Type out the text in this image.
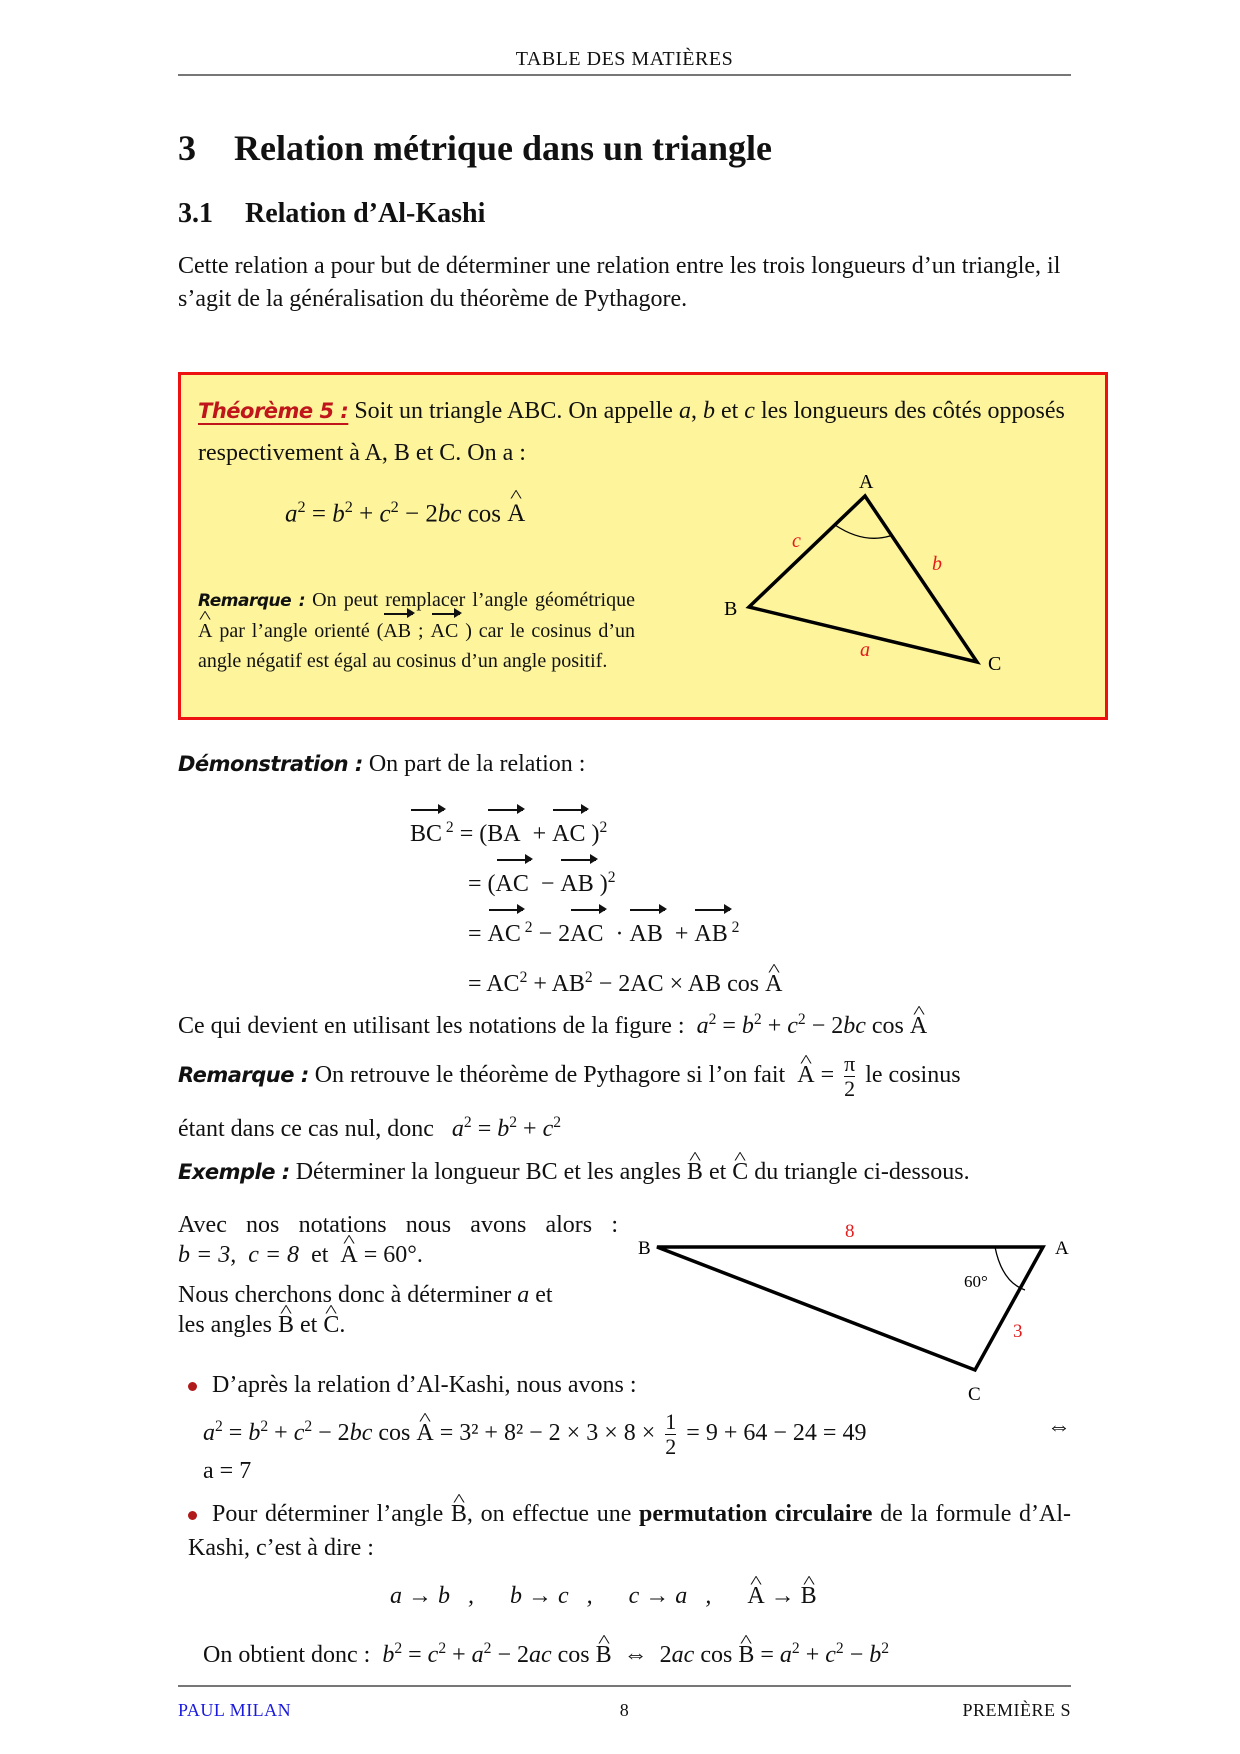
TABLE DES MATIÈRES
3 Relation métrique dans un triangle
3.1 Relation d’Al-Kashi
Cette relation a pour but de déterminer une relation entre les trois longueurs d’un triangle, il s’agit de la généralisation du théorème de Pythagore.
Théorème 5 : Soit un triangle ABC. On appelle a, b et c les longueurs des côtés opposés respectivement à A, B et C. On a :
$a^2 = b^2 + c^2 - 2bc$ cos ^ A
Remarque : On peut remplacer l’angle géométrique ^ A par l’angle orienté (AB ; AC ) car le cosinus d’un angle négatif est égal au cosinus d’un angle positif.
A
B
C
c
b
a
Démonstration : On part de la relation :
BC $^2$ = (BA  + AC )$^2$
= (AC  − AB )$^2$
= AC $^2$ − 2AC  · AB  + AB $^2$
= $AC^2 + AB^2 - 2AC$ × AB cos ^ A
Ce qui devient en utilisant les notations de la figure : $a^2 = b^2 + c^2 - 2bc$ cos ^ A
Remarque : On retrouve le théorème de Pythagore si l’on fait ^ $A = \frac{\pi}{2}$ le cosinus
étant dans ce cas nul, donc $a^2 = b^2 + c^2$
Exemple : Déterminer la longueur BC et les angles ^ B et ^ C du triangle ci-dessous.
Avec nos notations nous avons alors :
b = 3, c = 8 et ^ A = 60°.
Nous cherchons donc à déterminer a et
les angles ^ B et ^ C.
B	A
C
8
3
60°
D’après la relation d’Al-Kashi, nous avons :
$a^2 = b^2 + c^2 - 2bc$ cos ^ $A = 3^2 + 8^2 - 2 \times 3 \times 8 \times \frac{1}{2} = 9 + 64 - 24 = 49$	⇔
a = 7
Pour déterminer l’angle ^ B, on effectue une permutation circulaire de la formule d’Al-Kashi, c’est à dire :
a → b , b → c , c → a , ^ A → ^ B
On obtient donc : $b^2 = c^2 + a^2 - 2ac$ cos ^ B ⇔  2ac cos ^ $B = a^2 + c^2 - b^2$
PAUL MILAN	8	PREMIÈRE S
